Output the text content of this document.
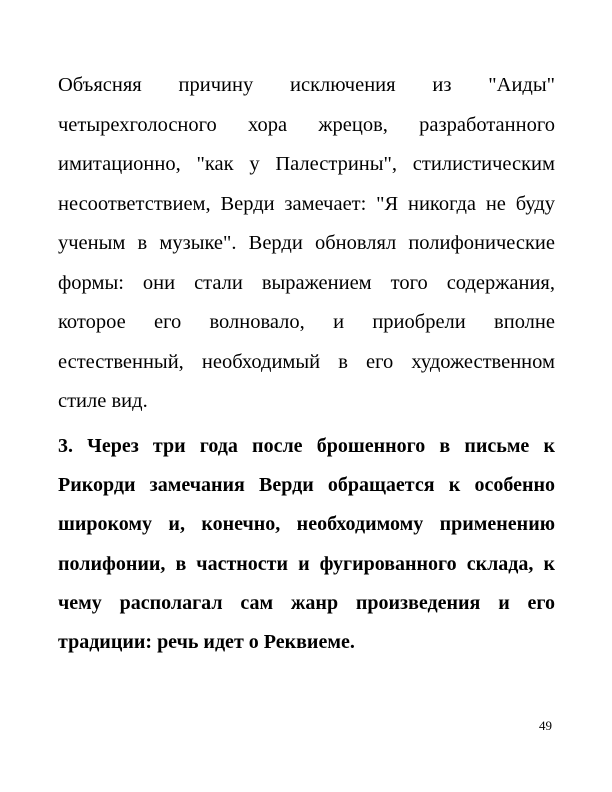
Объясняя причину исключения из "Аиды" четырехголосного хора жрецов, разработанного имитационно, "как у Палестрины", стилистическим несоответствием, Верди замечает: "Я никогда не буду ученым в музыке". Верди обновлял полифонические формы: они стали выражением того содержания, которое его волновало, и приобрели вполне естественный, необходимый в его художественном стиле вид.

3. Через три года после брошенного в письме к Рикорди замечания Верди обращается к особенно широкому и, конечно, необходимому применению полифонии, в частности и фугированного склада, к чему располагал сам жанр произведения и его традиции: речь идет о Реквиеме.

49
